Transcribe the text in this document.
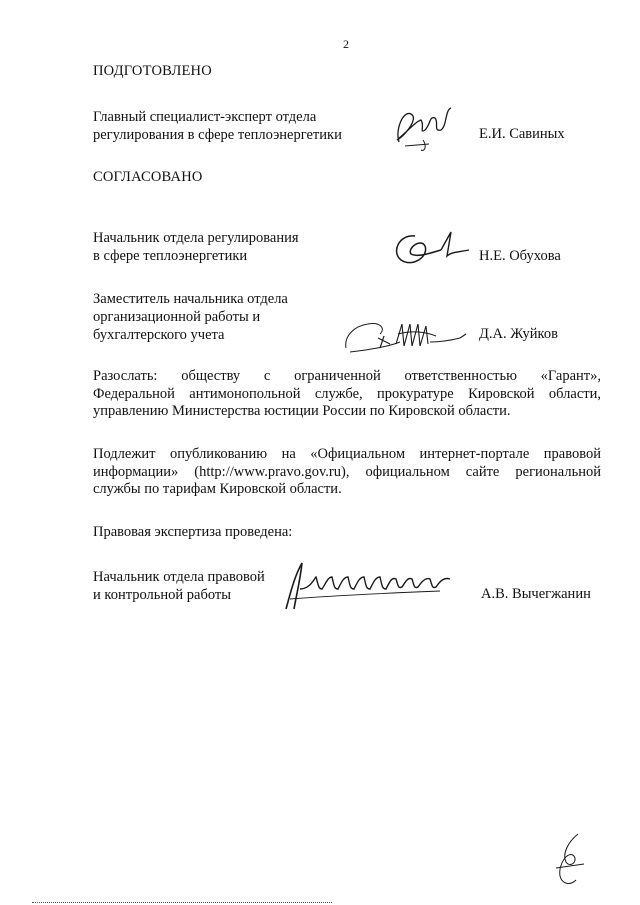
2
ПОДГОТОВЛЕНО
Главный специалист-эксперт отдела
регулирования в сфере теплоэнергетики	Е.И. Савиных
СОГЛАСОВАНО
Начальник отдела регулирования
в сфере теплоэнергетики	Н.Е. Обухова
Заместитель начальника отдела
организационной работы и
бухгалтерского учета	Д.А. Жуйков
Разослать: обществу с ограниченной ответственностью «Гарант»,
Федеральной антимонопольной службе, прокуратуре Кировской области,
управлению Министерства юстиции России по Кировской области.
Подлежит опубликованию на «Официальном интернет-портале правовой
информации» (http://www.pravo.gov.ru), официальном сайте региональной
службы по тарифам Кировской области.
Правовая экспертиза проведена:
Начальник отдела правовой
и контрольной работы	А.В. Вычегжанин
